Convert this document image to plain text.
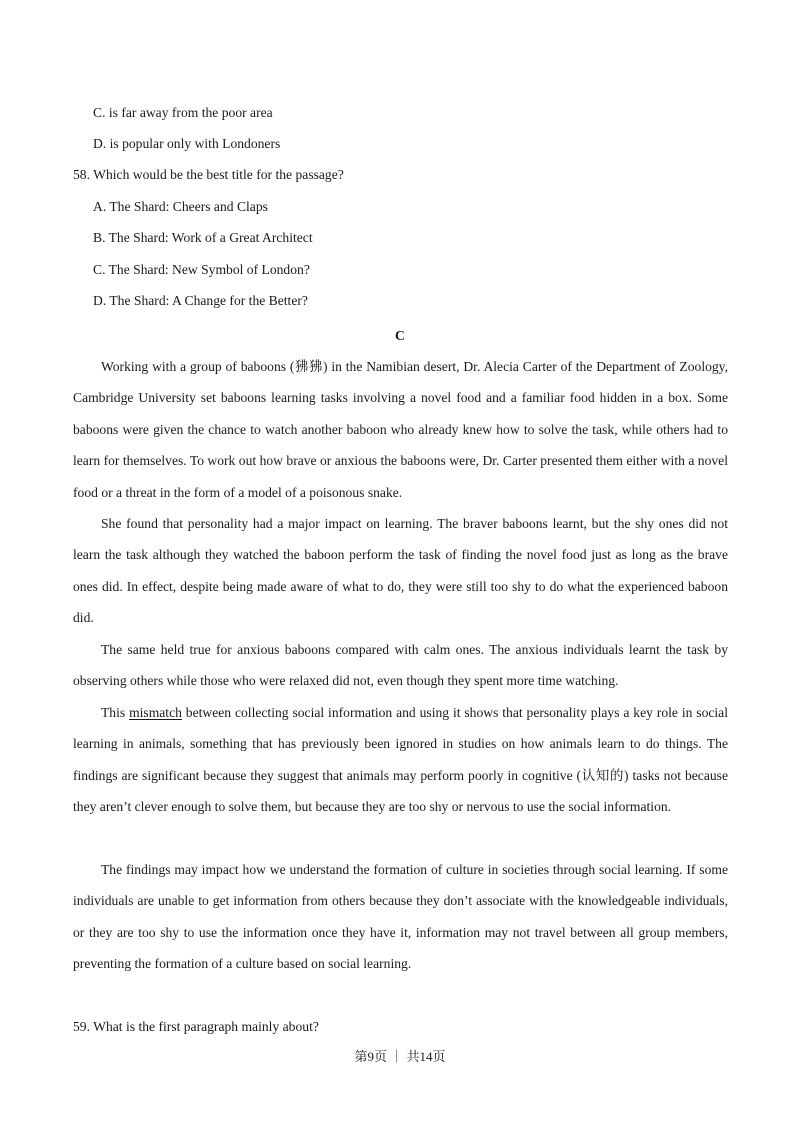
C. is far away from the poor area
D. is popular only with Londoners
58. Which would be the best title for the passage?
A. The Shard: Cheers and Claps
B. The Shard: Work of a Great Architect
C. The Shard: New Symbol of London?
D. The Shard: A Change for the Better?
C

Working with a group of baboons (狒狒) in the Namibian desert, Dr. Alecia Carter of the Department of Zoology, Cambridge University set baboons learning tasks involving a novel food and a familiar food hidden in a box. Some baboons were given the chance to watch another baboon who already knew how to solve the task, while others had to learn for themselves. To work out how brave or anxious the baboons were, Dr. Carter presented them either with a novel food or a threat in the form of a model of a poisonous snake.

She found that personality had a major impact on learning. The braver baboons learnt, but the shy ones did not learn the task although they watched the baboon perform the task of finding the novel food just as long as the brave ones did. In effect, despite being made aware of what to do, they were still too shy to do what the experienced baboon did.

The same held true for anxious baboons compared with calm ones. The anxious individuals learnt the task by observing others while those who were relaxed did not, even though they spent more time watching.

This mismatch between collecting social information and using it shows that personality plays a key role in social learning in animals, something that has previously been ignored in studies on how animals learn to do things. The findings are significant because they suggest that animals may perform poorly in cognitive (认知的) tasks not because they aren’t clever enough to solve them, but because they are too shy or nervous to use the social information.

The findings may impact how we understand the formation of culture in societies through social learning. If some individuals are unable to get information from others because they don’t associate with the knowledgeable individuals, or they are too shy to use the information once they have it, information may not travel between all group members, preventing the formation of a culture based on social learning.

59. What is the first paragraph mainly about?
第9页 ｜ 共14页
